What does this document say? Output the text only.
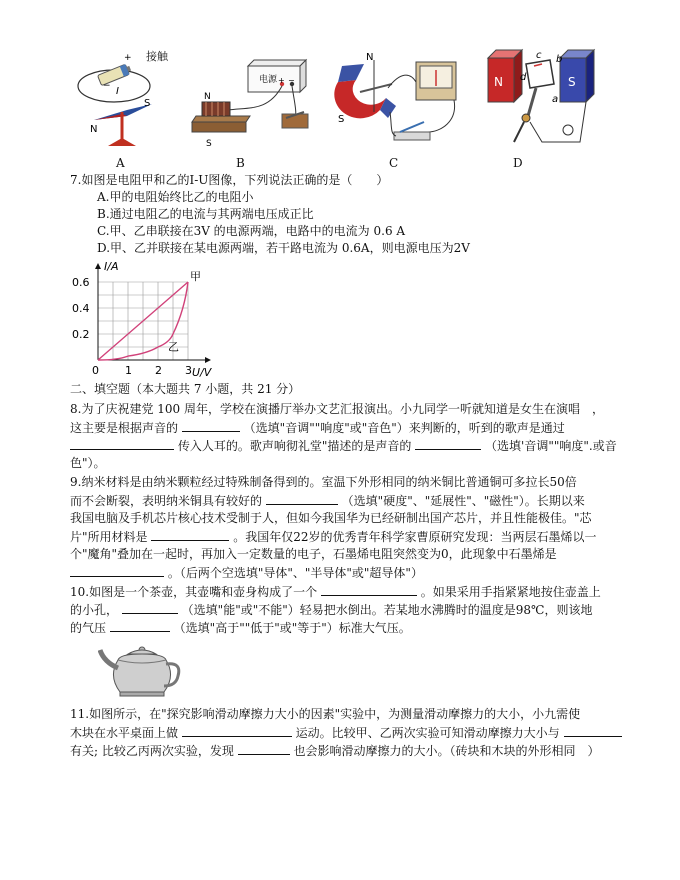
+
− I
S
N
接触
A
N
S
+ −
电源
B
N
S
C
N	S
a
b
c
d
D
7.如图是电阻甲和乙的I-U图像，下列说法正确的是（　　）
A.甲的电阻始终比乙的电阻小
B.通过电阻乙的电流与其两端电压成正比
C.甲、乙串联接在3V 的电源两端，电路中的电流为 0.6 A
D.甲、乙并联接在某电源两端，若干路电流为 0.6A，则电源电压为2V
0 1 2 3
0.2
0.4
0.6
U/V
I/A
甲
乙
二、填空题（本大题共 7 小题，共 21 分）
8.为了庆祝建党 100 周年，学校在演播厅举办文艺汇报演出。小九同学一听就知道是女生在演唱　，
这主要是根据声音的	（选填"音调""响度"或"音色"）来判断的，听到的歌声是通过
传入人耳的。歌声响彻礼堂"描述的是声音的	（选填'音调""响度".或音
色"）。
9.纳米材料是由纳米颗粒经过特殊制备得到的。室温下外形相同的纳米铜比普通铜可多拉长50倍
而不会断裂，表明纳米铜具有较好的	（选填"硬度"、"延展性"、"磁性"）。长期以来
我国电脑及手机芯片核心技术受制于人，但如今我国华为已经研制出国产芯片，并且性能极佳。"芯
片"所用材料是	。我国年仅22岁的优秀青年科学家曹原研究发现：当两层石墨烯以一
个"魔角"叠加在一起时，再加入一定数量的电子，石墨烯电阻突然变为0，此现象中石墨烯是
。（后两个空选填"导体"、"半导体"或"超导体"）
10.如图是一个茶壶，其壶嘴和壶身构成了一个	。如果采用手指紧紧地按住壶盖上
的小孔，	（选填"能"或"不能"）轻易把水倒出。若某地水沸腾时的温度是98℃，则该地
的气压	（选填"高于""低于"或"等于"）标准大气压。
11.如图所示，在"探究影响滑动摩擦力大小的因素"实验中，为测量滑动摩擦力的大小，小九需使
木块在水平桌面上做	运动。比较甲、乙两次实验可知滑动摩擦力大小与
有关; 比较乙丙两次实验，发现	也会影响滑动摩擦力的大小。（砖块和木块的外形相同　）
